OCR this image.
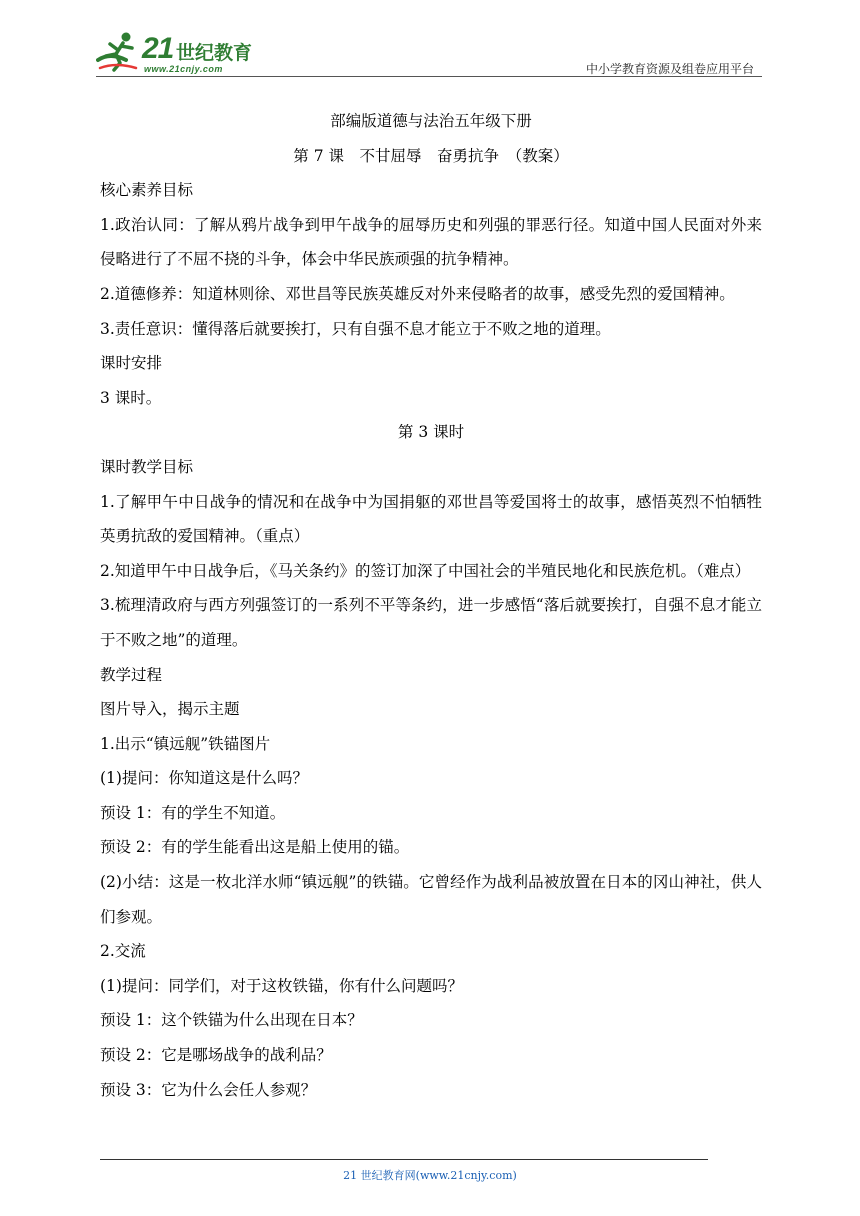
21 世纪教育
www.21cnjy.com	中小学教育资源及组卷应用平台

部编版道德与法治五年级下册

第 7 课　不甘屈辱　奋勇抗争　（教案）

核心素养目标

1.政治认同：了解从鸦片战争到甲午战争的屈辱历史和列强的罪恶行径。知道中国人民面对外来侵略进行了不屈不挠的斗争，体会中华民族顽强的抗争精神。

2.道德修养：知道林则徐、邓世昌等民族英雄反对外来侵略者的故事，感受先烈的爱国精神。

3.责任意识：懂得落后就要挨打，只有自强不息才能立于不败之地的道理。

课时安排

3 课时。

第 3 课时

课时教学目标

1.了解甲午中日战争的情况和在战争中为国捐躯的邓世昌等爱国将士的故事，感悟英烈不怕牺牲英勇抗敌的爱国精神。（重点）

2.知道甲午中日战争后，《马关条约》的签订加深了中国社会的半殖民地化和民族危机。（难点）

3.梳理清政府与西方列强签订的一系列不平等条约，进一步感悟“落后就要挨打，自强不息才能立于不败之地”的道理。

教学过程

图片导入，揭示主题

1.出示“镇远舰”铁锚图片

(1)提问：你知道这是什么吗？

预设 1：有的学生不知道。

预设 2：有的学生能看出这是船上使用的锚。

(2)小结：这是一枚北洋水师“镇远舰”的铁锚。它曾经作为战利品被放置在日本的冈山神社，供人们参观。

2.交流

(1)提问：同学们，对于这枚铁锚，你有什么问题吗？

预设 1：这个铁锚为什么出现在日本？

预设 2：它是哪场战争的战利品？

预设 3：它为什么会任人参观？

21 世纪教育网(www.21cnjy.com)
